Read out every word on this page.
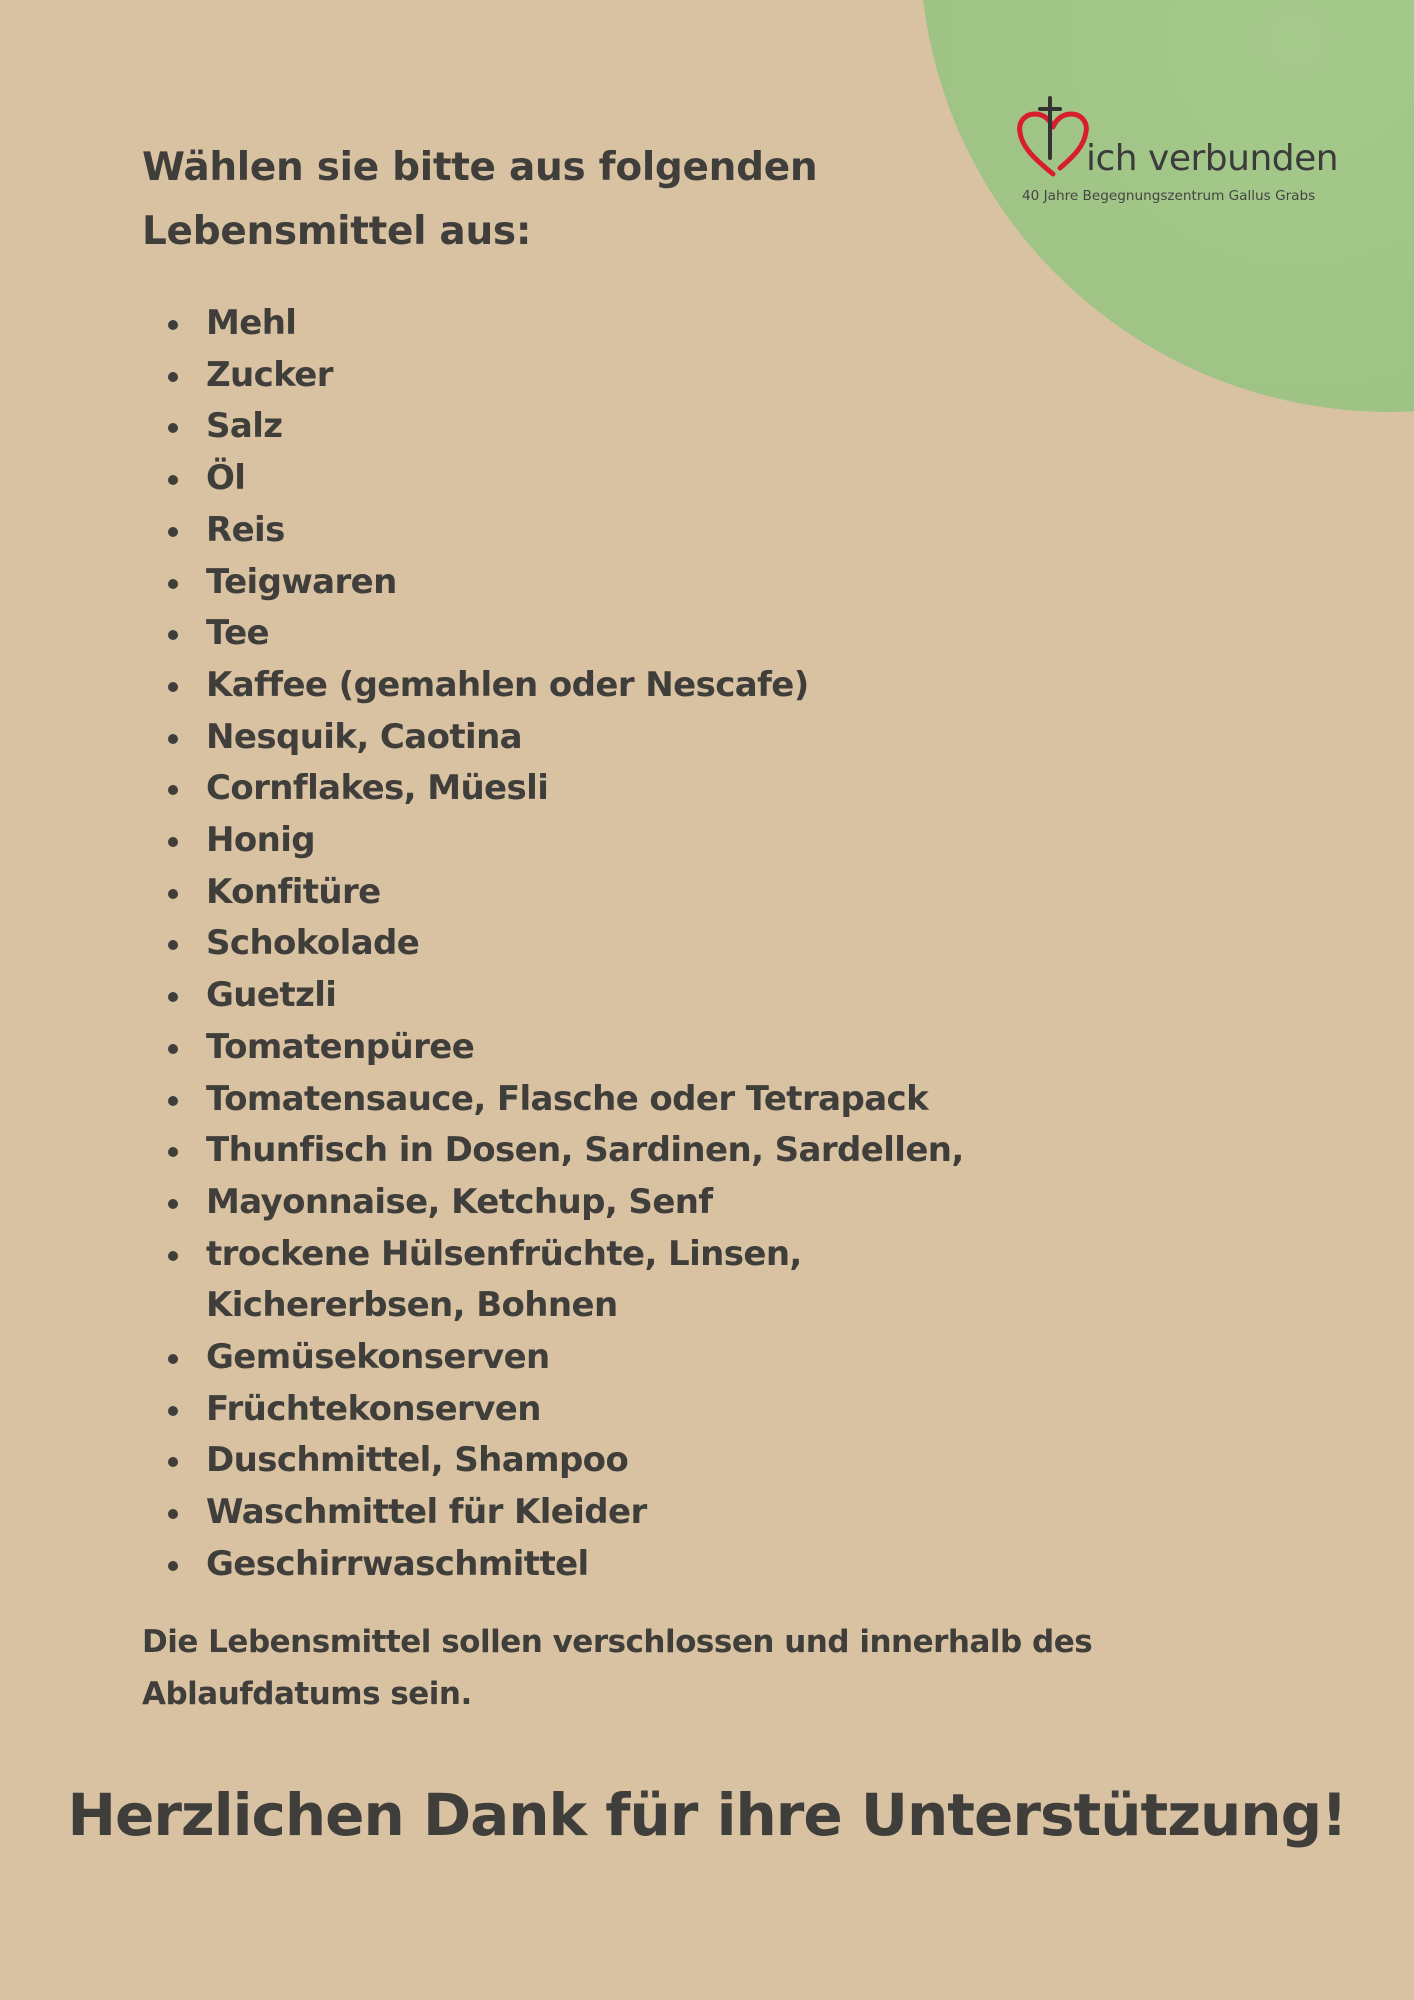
ich verbunden
40 Jahre Begegnungszentrum Gallus Grabs
Wählen sie bitte aus folgenden
Lebensmittel aus:
Mehl
Zucker
Salz
Öl
Reis
Teigwaren
Tee
Kaffee (gemahlen oder Nescafe)
Nesquik, Caotina
Cornflakes, Müesli
Honig
Konfitüre
Schokolade
Guetzli
Tomatenpüree
Tomatensauce, Flasche oder Tetrapack
Thunfisch in Dosen, Sardinen, Sardellen,
Mayonnaise, Ketchup, Senf
trockene Hülsenfrüchte, Linsen, Kichererbsen, Bohnen
Gemüsekonserven
Früchtekonserven
Duschmittel, Shampoo
Waschmittel für Kleider
Geschirrwaschmittel

Die Lebensmittel sollen verschlossen und innerhalb des
Ablaufdatums sein.

Herzlichen Dank für ihre Unterstützung!
